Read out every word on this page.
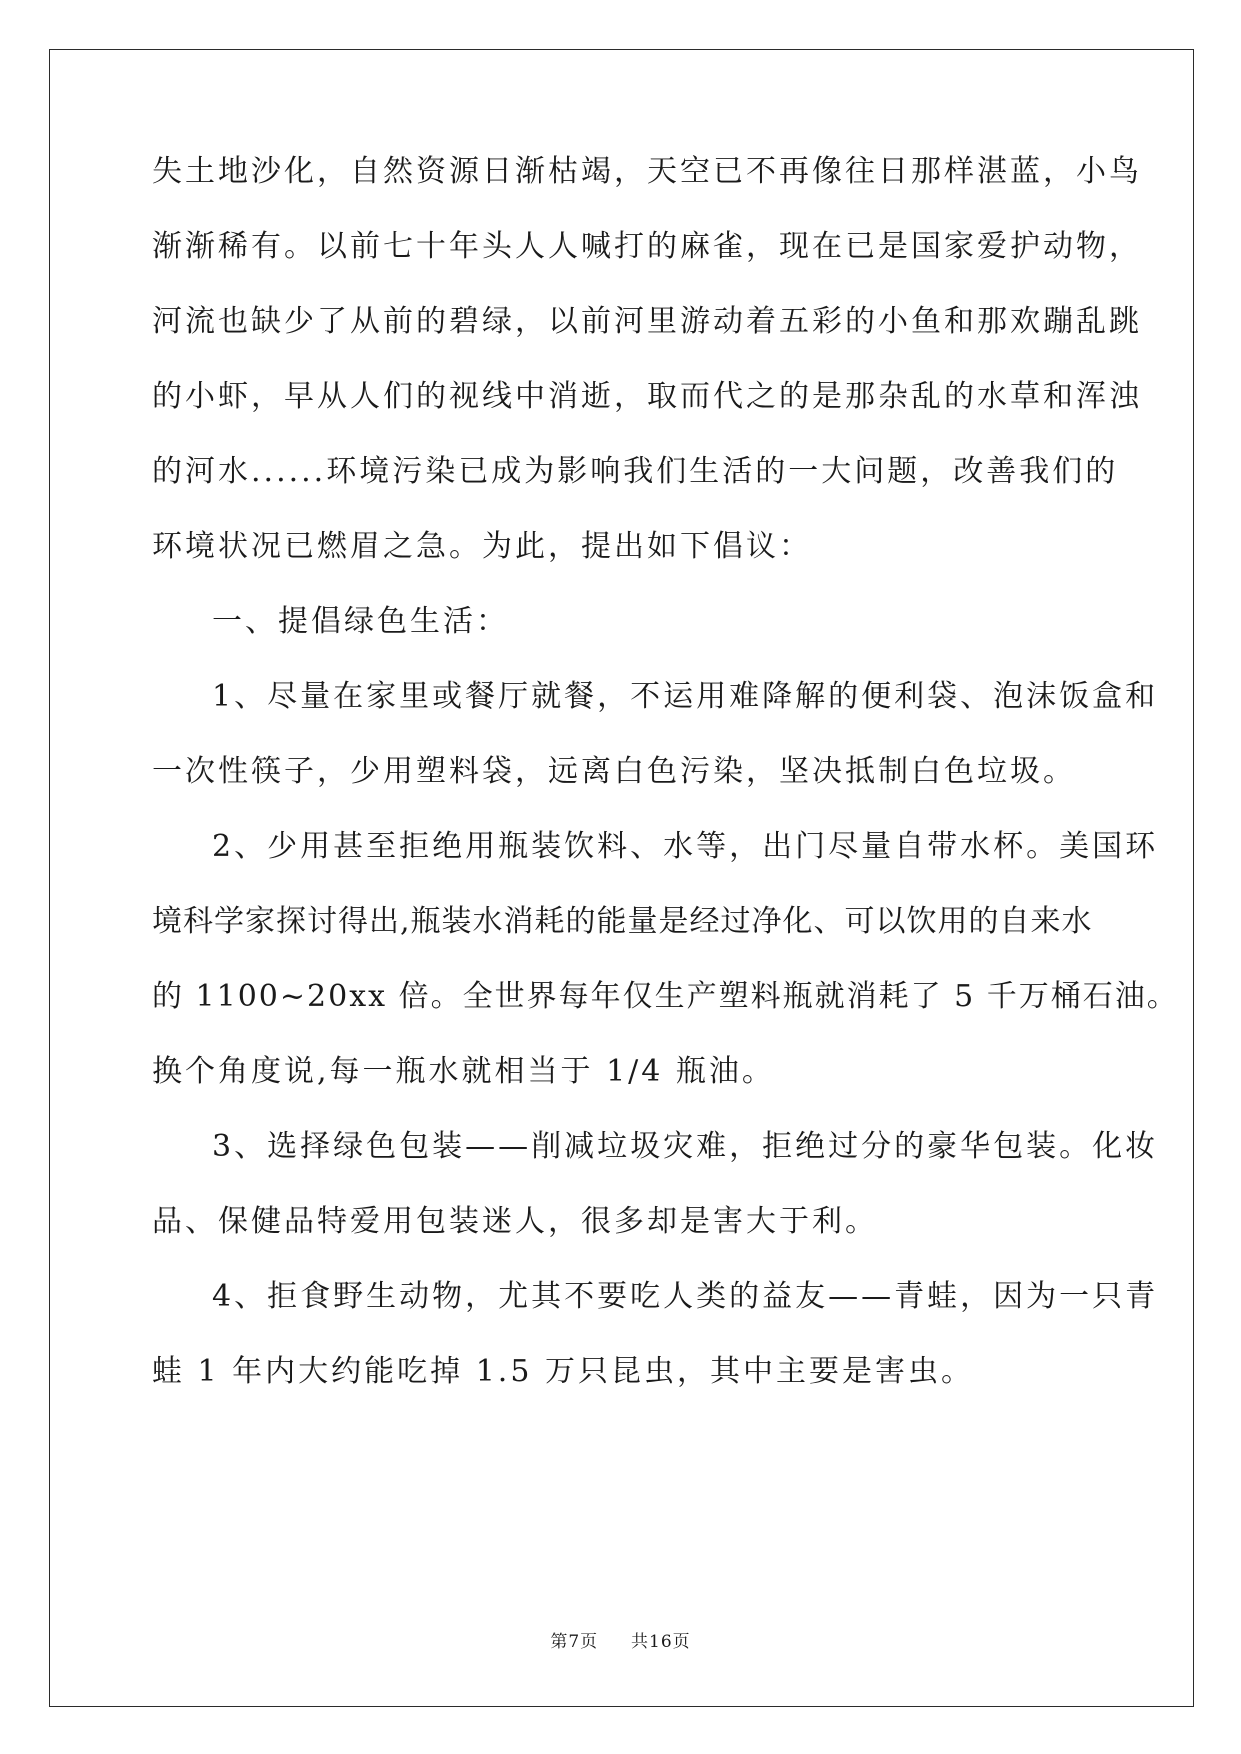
失土地沙化，自然资源日渐枯竭，天空已不再像往日那样湛蓝，小鸟
渐渐稀有。以前七十年头人人喊打的麻雀，现在已是国家爱护动物，
河流也缺少了从前的碧绿，以前河里游动着五彩的小鱼和那欢蹦乱跳
的小虾，早从人们的视线中消逝，取而代之的是那杂乱的水草和浑浊
的河水......环境污染已成为影响我们生活的一大问题，改善我们的
环境状况已燃眉之急。为此，提出如下倡议：
一、提倡绿色生活：
1、尽量在家里或餐厅就餐，不运用难降解的便利袋、泡沫饭盒和
一次性筷子，少用塑料袋，远离白色污染，坚决抵制白色垃圾。
2、少用甚至拒绝用瓶装饮料、水等，出门尽量自带水杯。美国环
境科学家探讨得出,瓶装水消耗的能量是经过净化、可以饮用的自来水
的 1100~20xx 倍。全世界每年仅生产塑料瓶就消耗了 5 千万桶石油。
换个角度说,每一瓶水就相当于 1/4 瓶油。
3、选择绿色包装——削减垃圾灾难，拒绝过分的豪华包装。化妆
品、保健品特爱用包装迷人，很多却是害大于利。
4、拒食野生动物，尤其不要吃人类的益友——青蛙，因为一只青
蛙 1 年内大约能吃掉 1.5 万只昆虫，其中主要是害虫。
第7页 共16页
